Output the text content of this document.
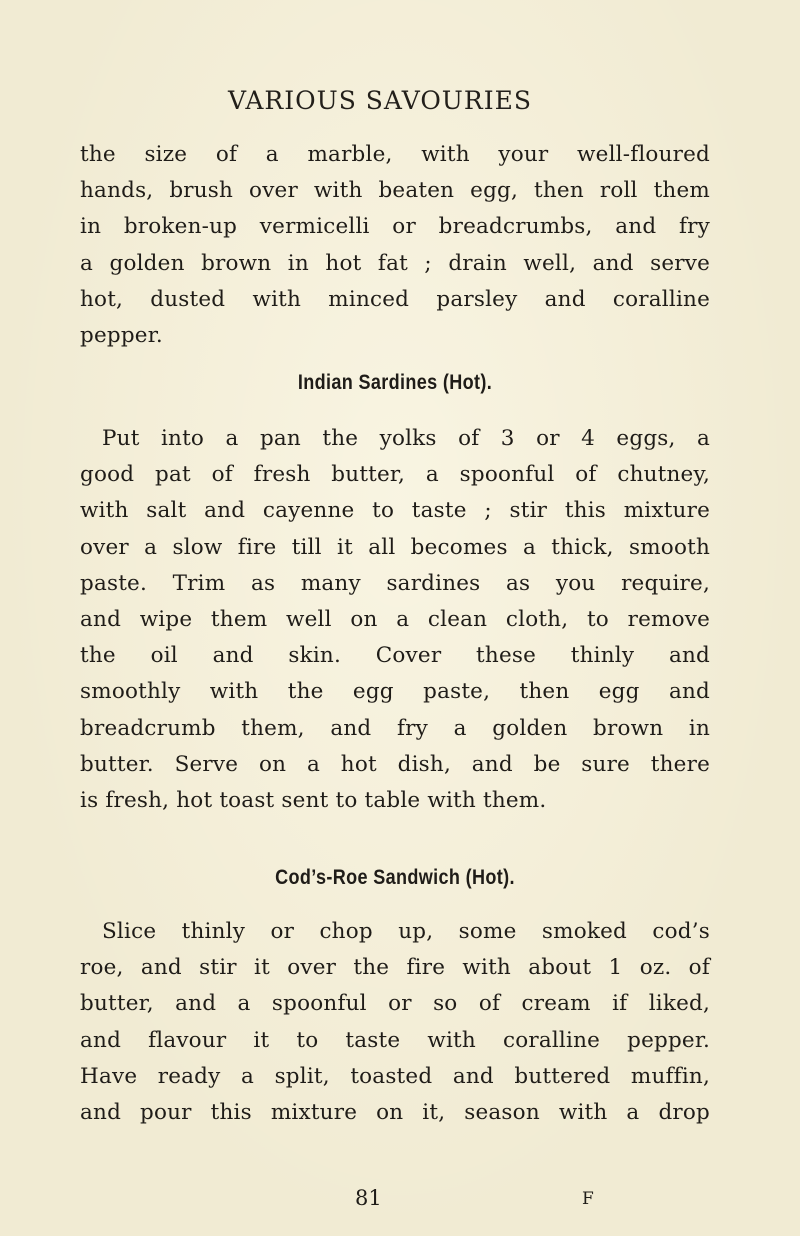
VARIOUS SAVOURIES
the size of a marble, with your well-floured
hands, brush over with beaten egg, then roll them
in broken-up vermicelli or breadcrumbs, and fry
a golden brown in hot fat ; drain well, and serve
hot, dusted with minced parsley and coralline
pepper.
Indian Sardines (Hot).
Put into a pan the yolks of 3 or 4 eggs, a
good pat of fresh butter, a spoonful of chutney,
with salt and cayenne to taste ; stir this mixture
over a slow fire till it all becomes a thick, smooth
paste. Trim as many sardines as you require,
and wipe them well on a clean cloth, to remove
the oil and skin. Cover these thinly and
smoothly with the egg paste, then egg and
breadcrumb them, and fry a golden brown in
butter. Serve on a hot dish, and be sure there
is fresh, hot toast sent to table with them.
Cod’s-Roe Sandwich (Hot).
Slice thinly or chop up, some smoked cod’s
roe, and stir it over the fire with about 1 oz. of
butter, and a spoonful or so of cream if liked,
and flavour it to taste with coralline pepper.
Have ready a split, toasted and buttered muffin,
and pour this mixture on it, season with a drop
81	F
